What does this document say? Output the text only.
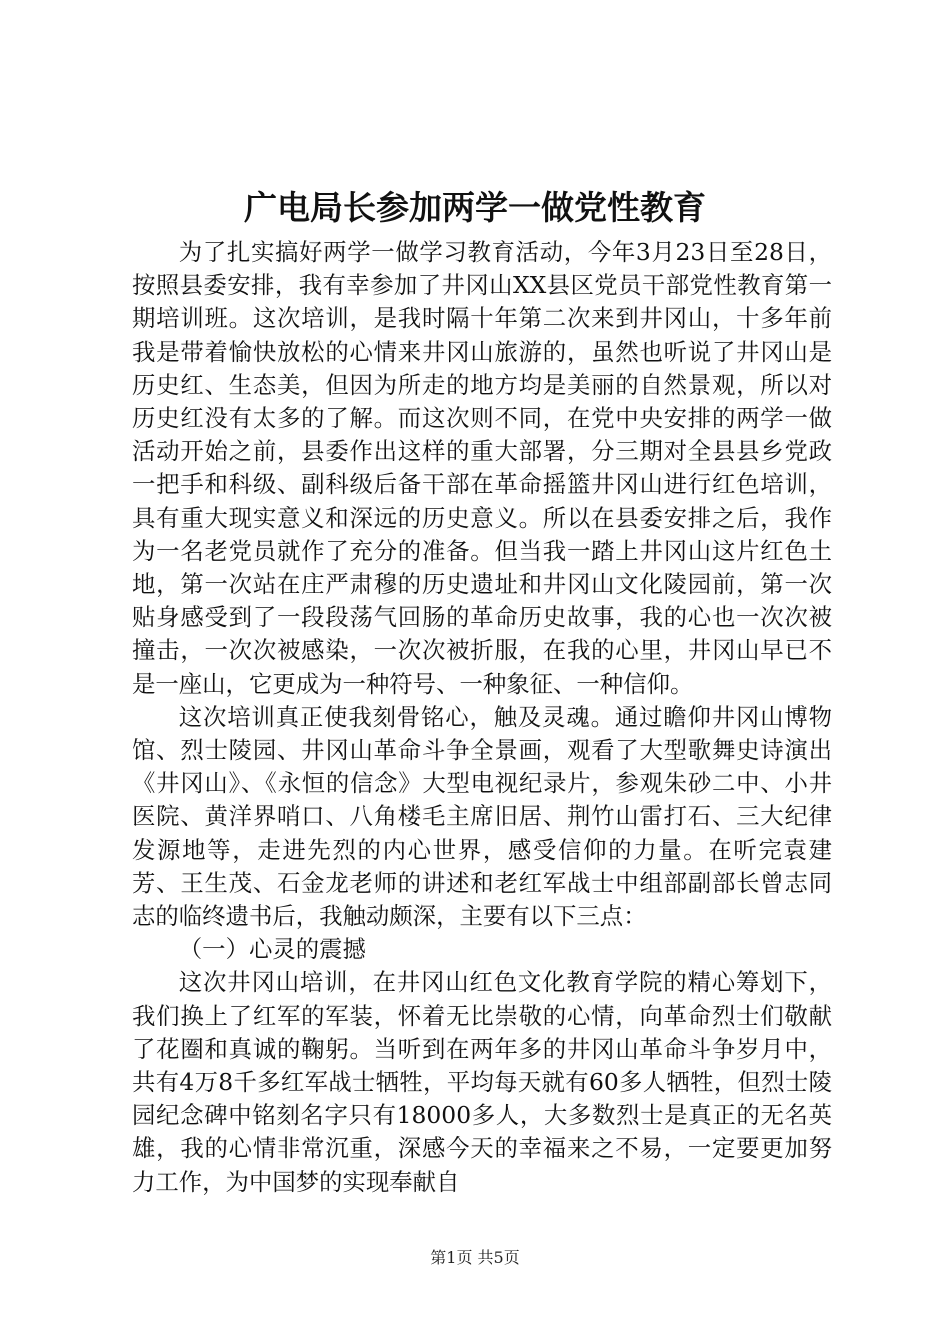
广电局长参加两学一做党性教育

为了扎实搞好两学一做学习教育活动，今年3月23日至28日，按照县委安排，我有幸参加了井冈山XX县区党员干部党性教育第一期培训班。这次培训，是我时隔十年第二次来到井冈山，十多年前我是带着愉快放松的心情来井冈山旅游的，虽然也听说了井冈山是历史红、生态美，但因为所走的地方均是美丽的自然景观，所以对历史红没有太多的了解。而这次则不同，在党中央安排的两学一做活动开始之前，县委作出这样的重大部署，分三期对全县县乡党政一把手和科级、副科级后备干部在革命摇篮井冈山进行红色培训，具有重大现实意义和深远的历史意义。所以在县委安排之后，我作为一名老党员就作了充分的准备。但当我一踏上井冈山这片红色土地，第一次站在庄严肃穆的历史遗址和井冈山文化陵园前，第一次贴身感受到了一段段荡气回肠的革命历史故事，我的心也一次次被撞击，一次次被感染，一次次被折服，在我的心里，井冈山早已不是一座山，它更成为一种符号、一种象征、一种信仰。

这次培训真正使我刻骨铭心，触及灵魂。通过瞻仰井冈山博物馆、烈士陵园、井冈山革命斗争全景画，观看了大型歌舞史诗演出《井冈山》、《永恒的信念》大型电视纪录片，参观朱砂二中、小井医院、黄洋界哨口、八角楼毛主席旧居、荆竹山雷打石、三大纪律发源地等，走进先烈的内心世界，感受信仰的力量。在听完袁建芳、王生茂、石金龙老师的讲述和老红军战士中组部副部长曾志同志的临终遗书后，我触动颇深，主要有以下三点：

（一）心灵的震撼

这次井冈山培训，在井冈山红色文化教育学院的精心筹划下，我们换上了红军的军装，怀着无比崇敬的心情，向革命烈士们敬献了花圈和真诚的鞠躬。当听到在两年多的井冈山革命斗争岁月中，共有4万8千多红军战士牺牲，平均每天就有60多人牺牲，但烈士陵园纪念碑中铭刻名字只有18000多人，大多数烈士是真正的无名英雄，我的心情非常沉重，深感今天的幸福来之不易，一定要更加努力工作，为中国梦的实现奉献自

第1页 共5页
